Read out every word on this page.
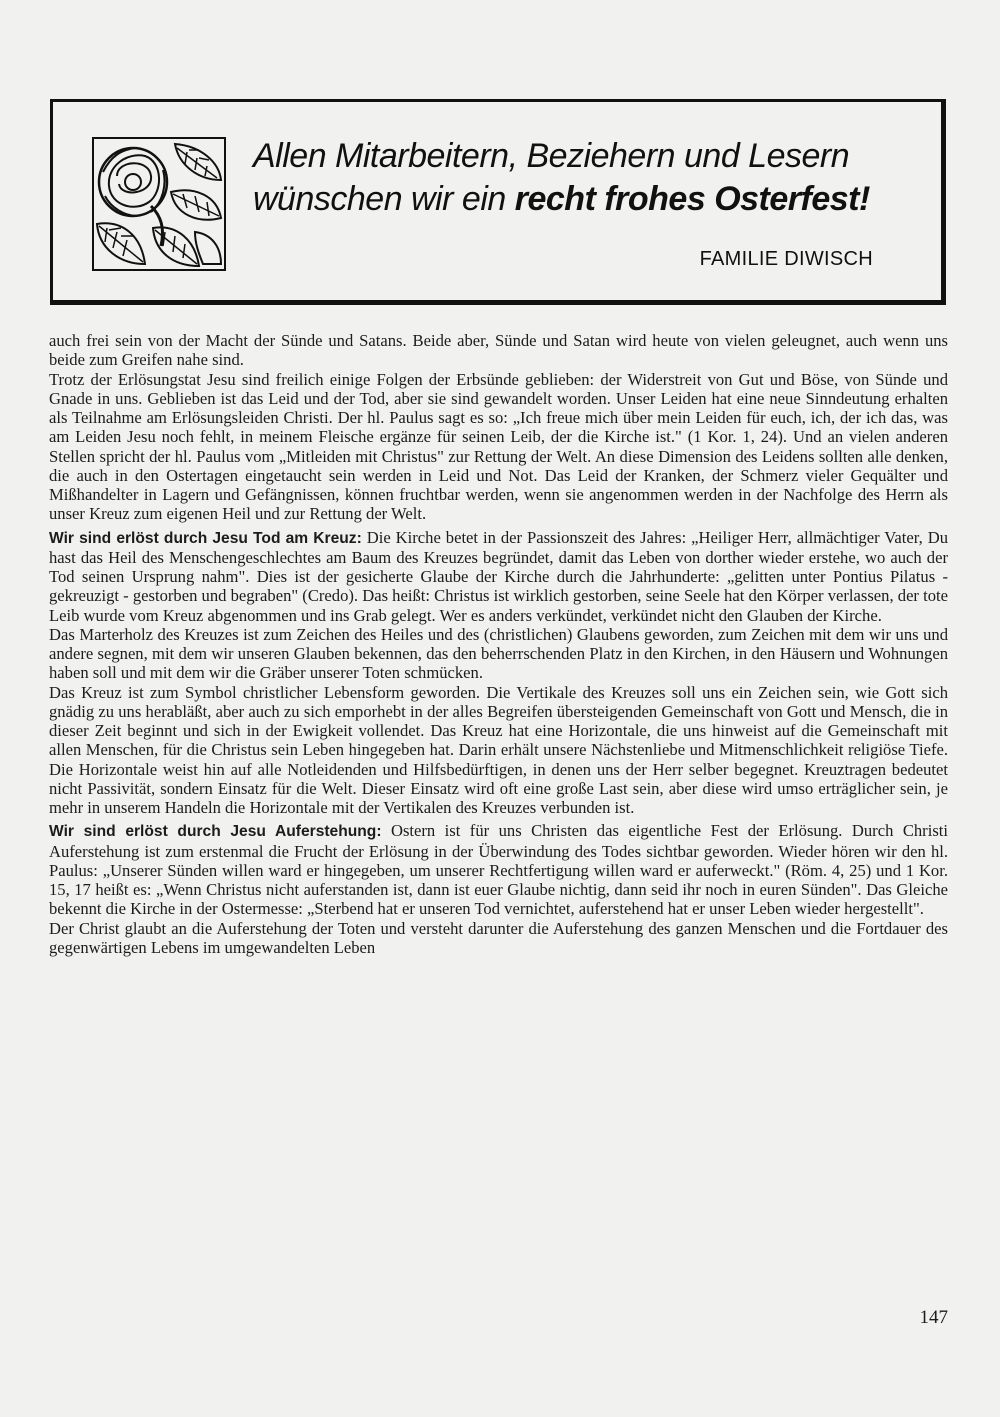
Allen Mitarbeitern, Beziehern und Lesern
wünschen wir ein recht frohes Osterfest!
FAMILIE DIWISCH

auch frei sein von der Macht der Sünde und Satans. Beide aber, Sünde und Satan wird heute von vielen geleugnet, auch wenn uns beide zum Greifen nahe sind.

Trotz der Erlösungstat Jesu sind freilich einige Folgen der Erbsünde geblieben: der Widerstreit von Gut und Böse, von Sünde und Gnade in uns. Geblieben ist das Leid und der Tod, aber sie sind gewandelt worden. Unser Leiden hat eine neue Sinndeutung erhalten als Teilnahme am Erlösungsleiden Christi. Der hl. Paulus sagt es so: „Ich freue mich über mein Leiden für euch, ich, der ich das, was am Leiden Jesu noch fehlt, in meinem Fleische ergänze für seinen Leib, der die Kirche ist." (1 Kor. 1, 24). Und an vielen anderen Stellen spricht der hl. Paulus vom „Mitleiden mit Christus" zur Rettung der Welt. An diese Dimension des Leidens sollten alle denken, die auch in den Ostertagen eingetaucht sein werden in Leid und Not. Das Leid der Kranken, der Schmerz vieler Gequälter und Mißhandelter in Lagern und Gefängnissen, können fruchtbar werden, wenn sie angenommen werden in der Nachfolge des Herrn als unser Kreuz zum eigenen Heil und zur Rettung der Welt.

Wir sind erlöst durch Jesu Tod am Kreuz: Die Kirche betet in der Passionszeit des Jahres: „Heiliger Herr, allmächtiger Vater, Du hast das Heil des Menschengeschlechtes am Baum des Kreuzes begründet, damit das Leben von dorther wieder erstehe, wo auch der Tod seinen Ursprung nahm". Dies ist der gesicherte Glaube der Kirche durch die Jahrhunderte: „gelitten unter Pontius Pilatus - gekreuzigt - gestorben und begraben" (Credo). Das heißt: Christus ist wirklich gestorben, seine Seele hat den Körper verlassen, der tote Leib wurde vom Kreuz abgenommen und ins Grab gelegt. Wer es anders verkündet, verkündet nicht den Glauben der Kirche.

Das Marterholz des Kreuzes ist zum Zeichen des Heiles und des (christlichen) Glaubens geworden, zum Zeichen mit dem wir uns und andere segnen, mit dem wir unseren Glauben bekennen, das den beherrschenden Platz in den Kirchen, in den Häusern und Wohnungen haben soll und mit dem wir die Gräber unserer Toten schmücken.

Das Kreuz ist zum Symbol christlicher Lebensform geworden. Die Vertikale des Kreuzes soll uns ein Zeichen sein, wie Gott sich gnädig zu uns herabläßt, aber auch zu sich emporhebt in der alles Begreifen übersteigenden Gemeinschaft von Gott und Mensch, die in dieser Zeit beginnt und sich in der Ewigkeit vollendet. Das Kreuz hat eine Horizontale, die uns hinweist auf die Gemeinschaft mit allen Menschen, für die Christus sein Leben hingegeben hat. Darin erhält unsere Nächstenliebe und Mitmenschlichkeit religiöse Tiefe. Die Horizontale weist hin auf alle Notleidenden und Hilfsbedürftigen, in denen uns der Herr selber begegnet. Kreuztragen bedeutet nicht Passivität, sondern Einsatz für die Welt. Dieser Einsatz wird oft eine große Last sein, aber diese wird umso erträglicher sein, je mehr in unserem Handeln die Horizontale mit der Vertikalen des Kreuzes verbunden ist.

Wir sind erlöst durch Jesu Auferstehung: Ostern ist für uns Christen das eigentliche Fest der Erlösung. Durch Christi Auferstehung ist zum erstenmal die Frucht der Erlösung in der Überwindung des Todes sichtbar geworden. Wieder hören wir den hl. Paulus: „Unserer Sünden willen ward er hingegeben, um unserer Rechtfertigung willen ward er auferweckt." (Röm. 4, 25) und 1 Kor. 15, 17 heißt es: „Wenn Christus nicht auferstanden ist, dann ist euer Glaube nichtig, dann seid ihr noch in euren Sünden". Das Gleiche bekennt die Kirche in der Ostermesse: „Sterbend hat er unseren Tod vernichtet, auferstehend hat er unser Leben wieder hergestellt".

Der Christ glaubt an die Auferstehung der Toten und versteht darunter die Auferstehung des ganzen Menschen und die Fortdauer des gegenwärtigen Lebens im umgewandelten Leben

147
